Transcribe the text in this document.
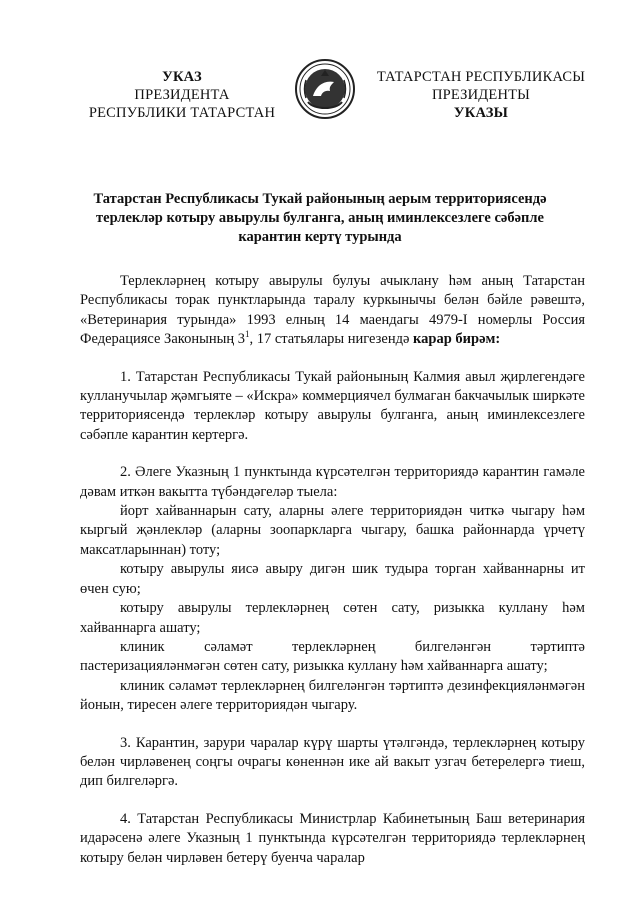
УКАЗ
ПРЕЗИДЕНТА
РЕСПУБЛИКИ ТАТАРСТАН
ТАТАРСТАН РЕСПУБЛИКАСЫ
ПРЕЗИДЕНТЫ
УКАЗЫ
Татарстан Республикасы Тукай районының аерым территориясендә
терлекләр котыру авырулы булганга, аның иминлексезлеге сәбәпле
карантин кертү турында

Терлекләрнең котыру авырулы булуы ачыклану һәм аның Татарстан Республикасы торак пунктларында таралу куркынычы белән бәйле рәвештә, «Ветеринария турында» 1993 елның 14 маендагы 4979-I номерлы Россия Федерациясе Законының $3^1$, 17 статьялары нигезендә карар бирәм:

1. Татарстан Республикасы Тукай районының Калмия авыл җирлегендәге кулланучылар җәмгыяте – «Искра» коммерциячел булмаган бакчачылык ширкәте территориясендә терлекләр котыру авырулы булганга, аның иминлексезлеге сәбәпле карантин кертергә.

2. Әлеге Указның 1 пунктында күрсәтелгән территориядә карантин гамәле дәвам иткән вакытта түбәндәгеләр тыела:

йорт хайваннарын сату, аларны әлеге территориядән читкә чыгару һәм кыргый җәнлекләр (аларны зоопаркларга чыгару, башка районнарда үрчетү максатларыннан) тоту;

котыру авырулы яисә авыру дигән шик тудыра торган хайваннарны ит өчен сую;

котыру авырулы терлекләрнең сөтен сату, ризыкка куллану һәм хайваннарга ашату;

клиник сәламәт терлекләрнең билгеләнгән тәртиптә пастеризацияләнмәгән сөтен сату, ризыкка куллану һәм хайваннарга ашату;

клиник сәламәт терлекләрнең билгеләнгән тәртиптә дезинфекцияләнмәгән йонын, тиресен әлеге территориядән чыгару.

3. Карантин, зарури чаралар күрү шарты үтәлгәндә, терлекләрнең котыру белән чирләвенең соңгы очрагы көненнән ике ай вакыт узгач бетерелергә тиеш, дип билгеләргә.

4. Татарстан Республикасы Министрлар Кабинетының Баш ветеринария идарәсенә әлеге Указның 1 пунктында күрсәтелгән территориядә терлекләрнең котыру белән чирләвен бетерү буенча чаралар
